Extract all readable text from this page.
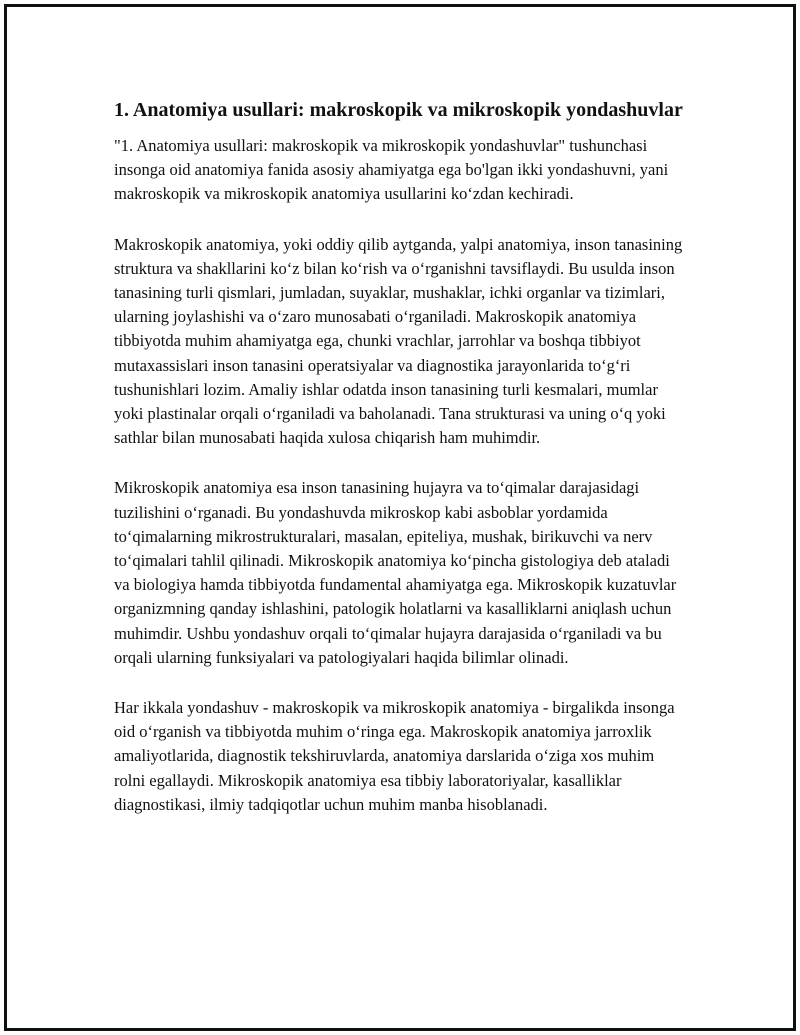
1. Anatomiya usullari: makroskopik va mikroskopik yondashuvlar

"1. Anatomiya usullari: makroskopik va mikroskopik yondashuvlar" tushunchasi insonga oid anatomiya fanida asosiy ahamiyatga ega bo'lgan ikki yondashuvni, yani makroskopik va mikroskopik anatomiya usullarini ko‘zdan kechiradi.

Makroskopik anatomiya, yoki oddiy qilib aytganda, yalpi anatomiya, inson tanasining struktura va shakllarini ko‘z bilan ko‘rish va o‘rganishni tavsiflaydi. Bu usulda inson tanasining turli qismlari, jumladan, suyaklar, mushaklar, ichki organlar va tizimlari, ularning joylashishi va o‘zaro munosabati o‘rganiladi. Makroskopik anatomiya tibbiyotda muhim ahamiyatga ega, chunki vrachlar, jarrohlar va boshqa tibbiyot mutaxassislari inson tanasini operatsiyalar va diagnostika jarayonlarida to‘g‘ri tushunishlari lozim. Amaliy ishlar odatda inson tanasining turli kesmalari, mumlar yoki plastinalar orqali o‘rganiladi va baholanadi. Tana strukturasi va uning o‘q yoki sathlar bilan munosabati haqida xulosa chiqarish ham muhimdir.

Mikroskopik anatomiya esa inson tanasining hujayra va to‘qimalar darajasidagi tuzilishini o‘rganadi. Bu yondashuvda mikroskop kabi asboblar yordamida to‘qimalarning mikrostrukturalari, masalan, epiteliya, mushak, birikuvchi va nerv to‘qimalari tahlil qilinadi. Mikroskopik anatomiya ko‘pincha gistologiya deb ataladi va biologiya hamda tibbiyotda fundamental ahamiyatga ega. Mikroskopik kuzatuvlar organizmning qanday ishlashini, patologik holatlarni va kasalliklarni aniqlash uchun muhimdir. Ushbu yondashuv orqali to‘qimalar hujayra darajasida o‘rganiladi va bu orqali ularning funksiyalari va patologiyalari haqida bilimlar olinadi.

Har ikkala yondashuv - makroskopik va mikroskopik anatomiya - birgalikda insonga oid o‘rganish va tibbiyotda muhim o‘ringa ega. Makroskopik anatomiya jarroxlik amaliyotlarida, diagnostik tekshiruvlarda, anatomiya darslarida o‘ziga xos muhim rolni egallaydi. Mikroskopik anatomiya esa tibbiy laboratoriyalar, kasalliklar diagnostikasi, ilmiy tadqiqotlar uchun muhim manba hisoblanadi.
